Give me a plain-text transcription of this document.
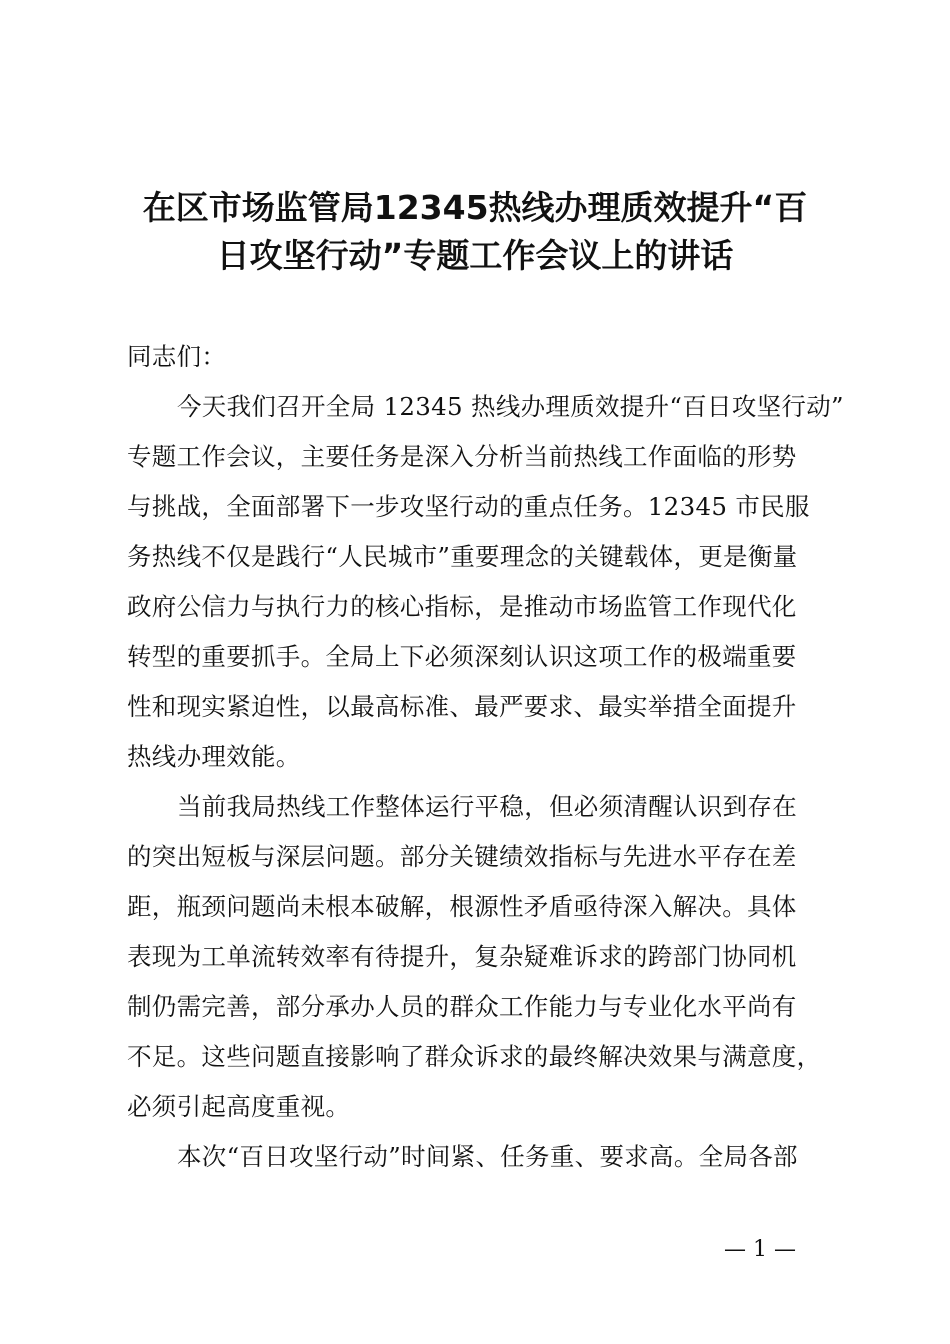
在区市场监管局12345热线办理质效提升“百
日攻坚行动”专题工作会议上的讲话
同志们：
今天我们召开全局 12345 热线办理质效提升“百日攻坚行动”
专题工作会议，主要任务是深入分析当前热线工作面临的形势
与挑战，全面部署下一步攻坚行动的重点任务。12345 市民服
务热线不仅是践行“人民城市”重要理念的关键载体，更是衡量
政府公信力与执行力的核心指标，是推动市场监管工作现代化
转型的重要抓手。全局上下必须深刻认识这项工作的极端重要
性和现实紧迫性，以最高标准、最严要求、最实举措全面提升
热线办理效能。
当前我局热线工作整体运行平稳，但必须清醒认识到存在
的突出短板与深层问题。部分关键绩效指标与先进水平存在差
距，瓶颈问题尚未根本破解，根源性矛盾亟待深入解决。具体
表现为工单流转效率有待提升，复杂疑难诉求的跨部门协同机
制仍需完善，部分承办人员的群众工作能力与专业化水平尚有
不足。这些问题直接影响了群众诉求的最终解决效果与满意度，
必须引起高度重视。
本次“百日攻坚行动”时间紧、任务重、要求高。全局各部
— 1 —
